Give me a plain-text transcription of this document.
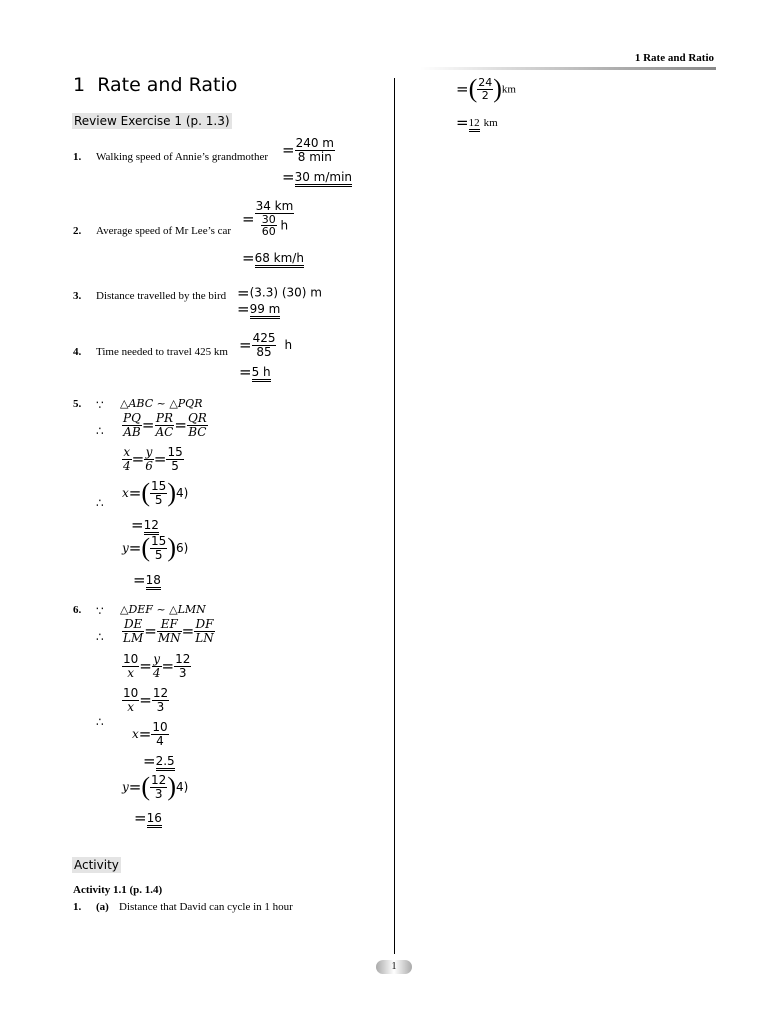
1 Rate and Ratio
1 Rate and Ratio
Review Exercise 1 (p. 1.3)
1. Walking speed of Annie’s grandmother = $\frac{240 m}{8 \min}$
=30 m/min
2. Average speed of Mr Lee’s car
= $\frac{34 km}{\frac{30}{60} h}$
=68 km/h
3. Distance travelled by the bird =(3.3) (30) m
=99 m
4. Time needed to travel 425 km = $\frac{425}{85}$ h
=5 h
5. ∵ △ABC ~ △PQR
∴ $\frac{PQ}{AB} = \frac{PR}{AC} = \frac{QR}{BC}$
$\frac{x}{4} = \frac{y}{6} = \frac{15}{5}$
∴
$x=( \frac{15}{5} )4$)
=12
$y=( \frac{15}{5} )6$)
=18
6. ∵ △DEF ~ △LMN
∴ $\frac{DE}{LM} = \frac{EF}{MN} = \frac{DF}{LN}$
$\frac{10}{x} = \frac{y}{4} = \frac{12}{3}$
$\frac{10}{x} = \frac{12}{3}$
∴
$x= \frac{10}{4}$
=2.5
$y=( \frac{12}{3} )4$)
=16
Activity
Activity 1.1 (p. 1.4)
1. (a) Distance that David can cycle in 1 hour
=( $\frac{24}{2} )km$
=12 km
1
